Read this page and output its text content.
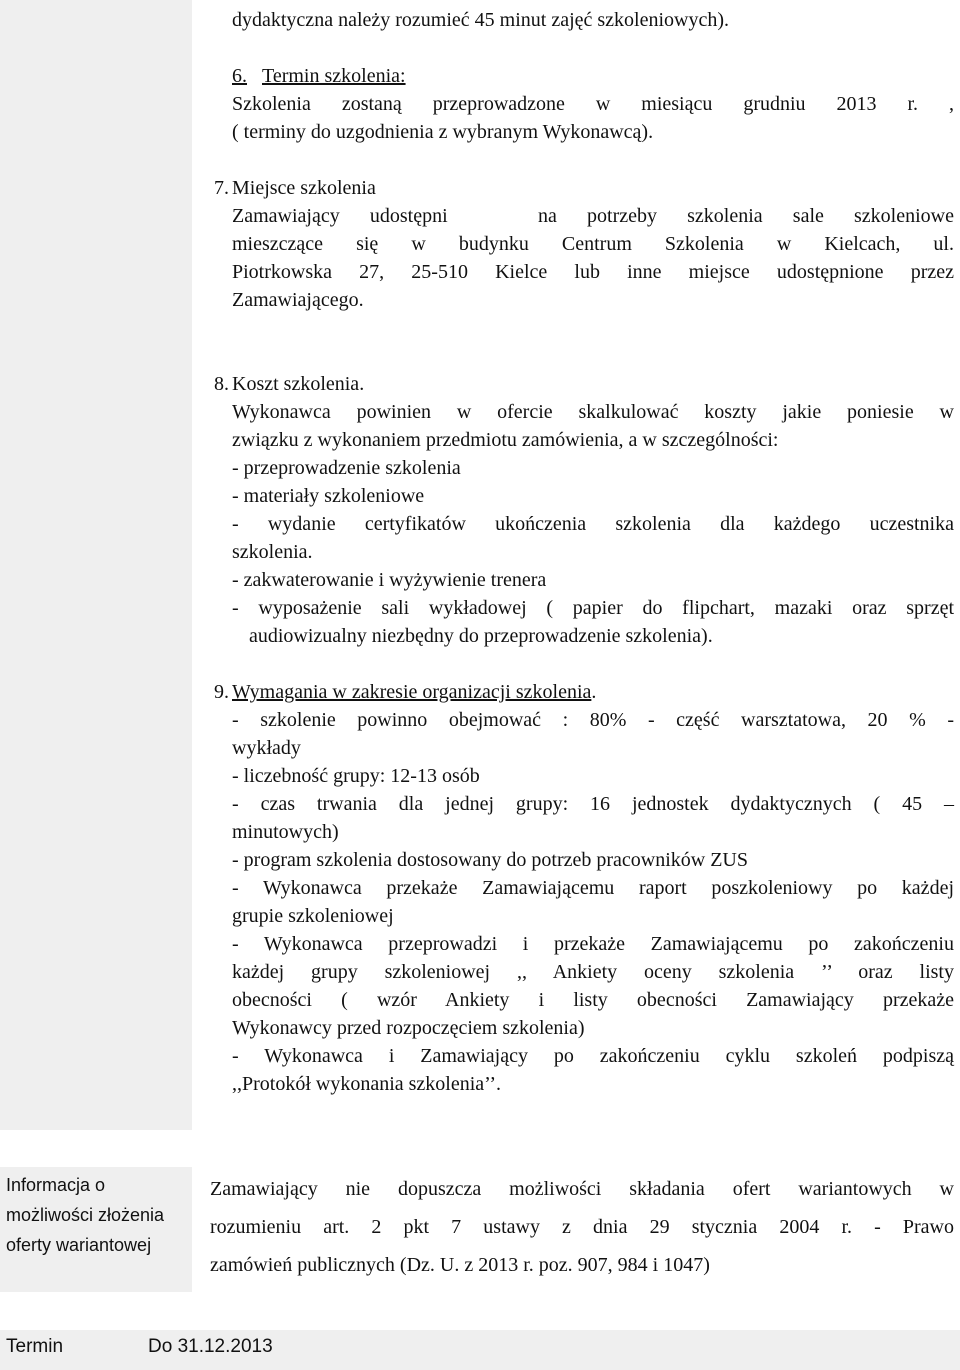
dydaktyczna należy rozumieć 45 minut zajęć szkoleniowych).
6. Termin szkolenia:
Szkolenia zostaną przeprowadzone w miesiącu grudniu 2013 r. ,
( terminy do uzgodnienia z wybranym Wykonawcą).
7. Miejsce szkolenia
Zamawiający udostępni   na potrzeby szkolenia sale szkoleniowe
mieszczące się w budynku Centrum Szkolenia w Kielcach, ul.
Piotrkowska 27, 25-510 Kielce lub inne miejsce udostępnione przez
Zamawiającego.
8. Koszt szkolenia.
Wykonawca powinien w ofercie skalkulować koszty jakie poniesie w
związku z wykonaniem przedmiotu zamówienia, a w szczególności:
- przeprowadzenie szkolenia
- materiały szkoleniowe
- wydanie certyfikatów ukończenia szkolenia dla każdego uczestnika
szkolenia.
- zakwaterowanie i wyżywienie trenera
- wyposażenie sali wykładowej ( papier do flipchart, mazaki oraz sprzęt
audiowizualny niezbędny do przeprowadzenie szkolenia).
9. Wymagania w zakresie organizacji szkolenia.
- szkolenie powinno obejmować : 80% - część warsztatowa, 20 % -
wykłady
- liczebność grupy: 12-13 osób
- czas trwania dla jednej grupy: 16 jednostek dydaktycznych ( 45 –
minutowych)
- program szkolenia dostosowany do potrzeb pracowników ZUS
- Wykonawca przekaże Zamawiającemu raport poszkoleniowy po każdej
grupie szkoleniowej
- Wykonawca przeprowadzi i przekaże Zamawiającemu po zakończeniu
każdej grupy szkoleniowej ,, Ankiety oceny szkolenia ’’ oraz listy
obecności ( wzór Ankiety i listy obecności Zamawiający przekaże
Wykonawcy przed rozpoczęciem szkolenia)
- Wykonawca i Zamawiający po zakończeniu cyklu szkoleń podpiszą
,,Protokół wykonania szkolenia’’.
Informacja o
możliwości złożenia
oferty wariantowej
Zamawiający nie dopuszcza możliwości składania ofert wariantowych w
rozumieniu art. 2 pkt 7 ustawy z dnia 29 stycznia 2004 r. - Prawo
zamówień publicznych (Dz. U. z 2013 r. poz. 907, 984 i 1047)
Termin	Do 31.12.2013
